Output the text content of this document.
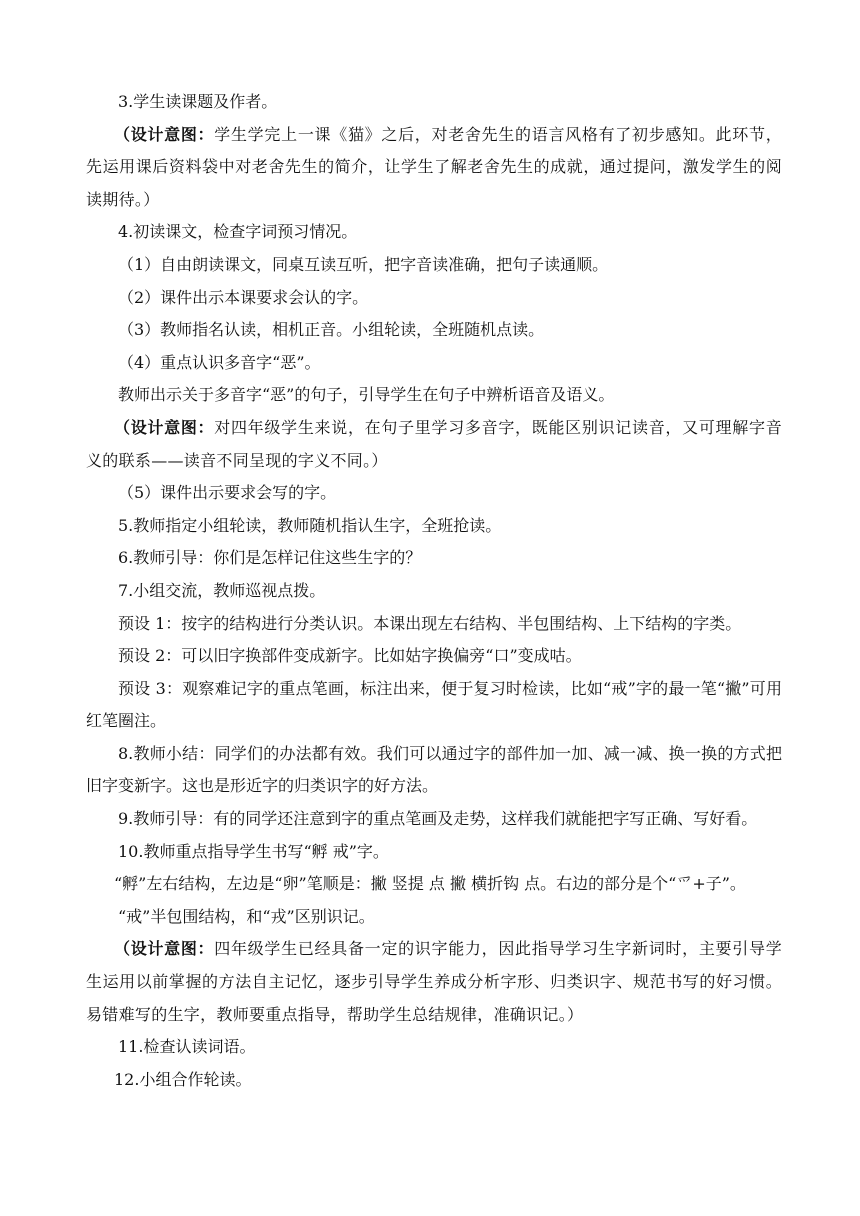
3.学生读课题及作者。

（设计意图：学生学完上一课《猫》之后，对老舍先生的语言风格有了初步感知。此环节，先运用课后资料袋中对老舍先生的简介，让学生了解老舍先生的成就，通过提问，激发学生的阅读期待。）

4.初读课文，检查字词预习情况。

（1）自由朗读课文，同桌互读互听，把字音读准确，把句子读通顺。

（2）课件出示本课要求会认的字。

（3）教师指名认读，相机正音。小组轮读，全班随机点读。

（4）重点认识多音字“恶”。

教师出示关于多音字“恶”的句子，引导学生在句子中辨析语音及语义。

（设计意图：对四年级学生来说，在句子里学习多音字，既能区别识记读音，又可理解字音义的联系——读音不同呈现的字义不同。）

（5）课件出示要求会写的字。

5.教师指定小组轮读，教师随机指认生字，全班抢读。

6.教师引导：你们是怎样记住这些生字的？

7.小组交流，教师巡视点拨。

预设 1：按字的结构进行分类认识。本课出现左右结构、半包围结构、上下结构的字类。

预设 2：可以旧字换部件变成新字。比如姑字换偏旁“口”变成咕。

预设 3：观察难记字的重点笔画，标注出来，便于复习时检读，比如“戒”字的最一笔“撇”可用红笔圈注。

8.教师小结：同学们的办法都有效。我们可以通过字的部件加一加、减一减、换一换的方式把旧字变新字。这也是形近字的归类识字的好方法。

9.教师引导：有的同学还注意到字的重点笔画及走势，这样我们就能把字写正确、写好看。

10.教师重点指导学生书写“孵 戒”字。

“孵”左右结构，左边是“卵”笔顺是：撇 竖提 点 撇 横折钩 点。右边的部分是个“爫+子”。

“戒”半包围结构，和“戎”区别识记。

（设计意图：四年级学生已经具备一定的识字能力，因此指导学习生字新词时，主要引导学生运用以前掌握的方法自主记忆，逐步引导学生养成分析字形、归类识字、规范书写的好习惯。易错难写的生字，教师要重点指导，帮助学生总结规律，准确识记。）

11.检查认读词语。

12.小组合作轮读。
